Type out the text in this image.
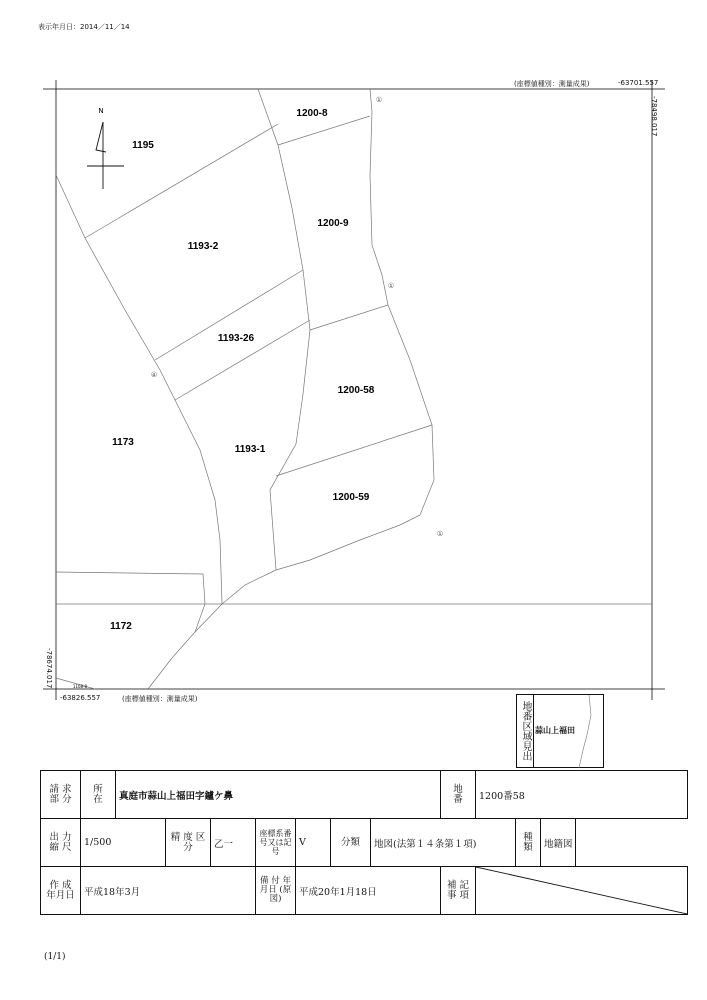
表示年月日：2014／11／14
(座標値種別：測量成果)	-63701.557
-78498.017
-78674.017
-63826.557	(座標値種別：測量成果)
N	1200-8
1195
1200-9
1193-2
1193-26
1200-58
1173
1193-1
1200-59
1172
1168-8
①
①
④
①
地番区域見出 蒜山上福田
請 求 部 分	所　在	真庭市蒜山上福田字鑪ケ鼻							地　番	1200番58		
出 力 縮 尺	1/500		精 度 区 分	乙一	座標系番号又は記号	Ⅴ	分類	地図(法第１４条第１項)			種類	地籍図
作 成 年月日	平成18年3月				備 付 年月日 (原図)	平成20年1月18日			補 記 事 項	
(1/1)
